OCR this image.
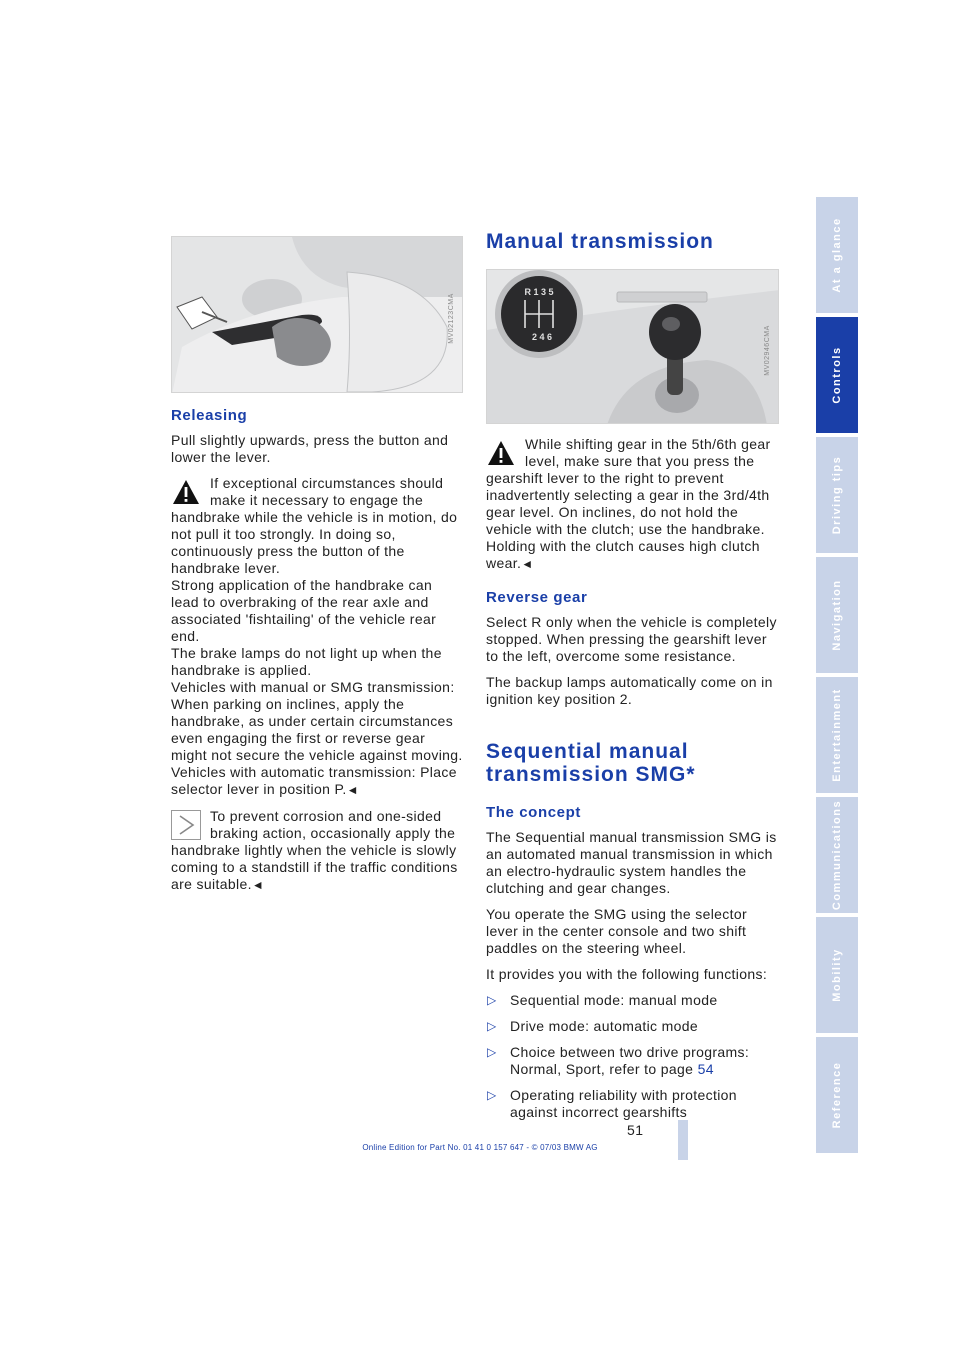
MV02123CMA
Releasing

Pull slightly upwards, press the button and lower the lever.

If exceptional circumstances should make it necessary to engage the handbrake while the vehicle is in motion, do not pull it too strongly. In doing so, continuously press the button of the handbrake lever.

Strong application of the handbrake can lead to overbraking of the rear axle and associated 'fishtailing' of the vehicle rear end.

The brake lamps do not light up when the handbrake is applied.

Vehicles with manual or SMG transmission: When parking on inclines, apply the handbrake, as under certain circumstances even engaging the first or reverse gear might not secure the vehicle against moving.

Vehicles with automatic transmission: Place selector lever in position P.◄

To prevent corrosion and one-sided braking action, occasionally apply the handbrake lightly when the vehicle is slowly coming to a standstill if the traffic conditions are suitable.◄

Manual transmission
R 1 3 5
2 4 6	MV02946CMA

While shifting gear in the 5th/6th gear level, make sure that you press the gearshift lever to the right to prevent inadvertently selecting a gear in the 3rd/4th gear level. On inclines, do not hold the vehicle with the clutch; use the handbrake. Holding with the clutch causes high clutch wear.◄

Reverse gear

Select R only when the vehicle is completely stopped. When pressing the gearshift lever to the left, overcome some resistance.

The backup lamps automatically come on in ignition key position 2.

Sequential manual
transmission SMG*
The concept

The Sequential manual transmission SMG is an automated manual transmission in which an electro-hydraulic system handles the clutching and gear changes.

You operate the SMG using the selector lever in the center console and two shift paddles on the steering wheel.

It provides you with the following functions:

▷ Sequential mode: manual mode
▷ Drive mode: automatic mode
▷ Choice between two drive programs: Normal, Sport, refer to page 54
▷ Operating reliability with protection against incorrect gearshifts
At a glance
Controls
Driving tips
Navigation
Entertainment
Communications
Mobility
Reference
51
Online Edition for Part No. 01 41 0 157 647 - © 07/03 BMW AG
